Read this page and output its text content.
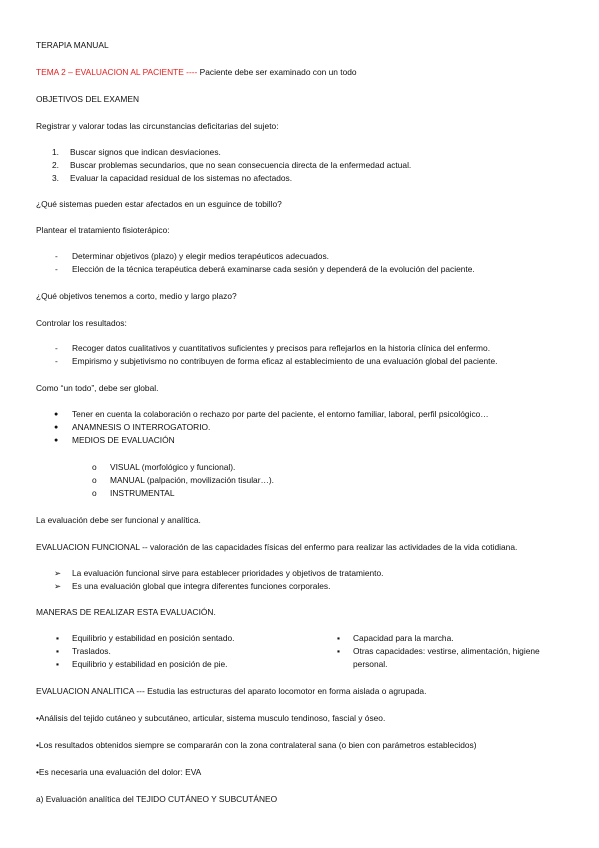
TERAPIA MANUAL
TEMA 2 – EVALUACION AL PACIENTE ---- Paciente debe ser examinado con un todo
OBJETIVOS DEL EXAMEN
Registrar y valorar todas las circunstancias deficitarias del sujeto:
1. Buscar signos que indican desviaciones.
2. Buscar problemas secundarios, que no sean consecuencia directa de la enfermedad actual.
3. Evaluar la capacidad residual de los sistemas no afectados.
¿Qué sistemas pueden estar afectados en un esguince de tobillo?
Plantear el tratamiento fisioterápico:
- Determinar objetivos (plazo) y elegir medios terapéuticos adecuados.
- Elección de la técnica terapéutica deberá examinarse cada sesión y dependerá de la evolución del paciente.
¿Qué objetivos tenemos a corto, medio y largo plazo?
Controlar los resultados:
- Recoger datos cualitativos y cuantitativos suficientes y precisos para reflejarlos en la historia clínica del enfermo.
- Empirismo y subjetivismo no contribuyen de forma eficaz al establecimiento de una evaluación global del paciente.
Como “un todo”, debe ser global.
● Tener en cuenta la colaboración o rechazo por parte del paciente, el entorno familiar, laboral, perfil psicológico…
● ANAMNESIS O INTERROGATORIO.
● MEDIOS DE EVALUACIÓN
o VISUAL (morfológico y funcional).
o MANUAL (palpación, movilización tisular…).
o INSTRUMENTAL
La evaluación debe ser funcional y analítica.
EVALUACION FUNCIONAL -- valoración de las capacidades físicas del enfermo para realizar las actividades de la vida cotidiana.
➢ La evaluación funcional sirve para establecer prioridades y objetivos de tratamiento.
➢ Es una evaluación global que integra diferentes funciones corporales.
MANERAS DE REALIZAR ESTA EVALUACIÓN.
▪ Equilibrio y estabilidad en posición sentado.
▪ Traslados.
▪ Equilibrio y estabilidad en posición de pie.
▪ Capacidad para la marcha.
▪ Otras capacidades: vestirse, alimentación, higiene
personal.
EVALUACION ANALITICA --- Estudia las estructuras del aparato locomotor en forma aislada o agrupada.
•Análisis del tejido cutáneo y subcutáneo, articular, sistema musculo tendinoso, fascial y óseo.
•Los resultados obtenidos siempre se compararán con la zona contralateral sana (o bien con parámetros establecidos)
•Es necesaria una evaluación del dolor: EVA
a) Evaluación analítica del TEJIDO CUTÁNEO Y SUBCUTÁNEO
